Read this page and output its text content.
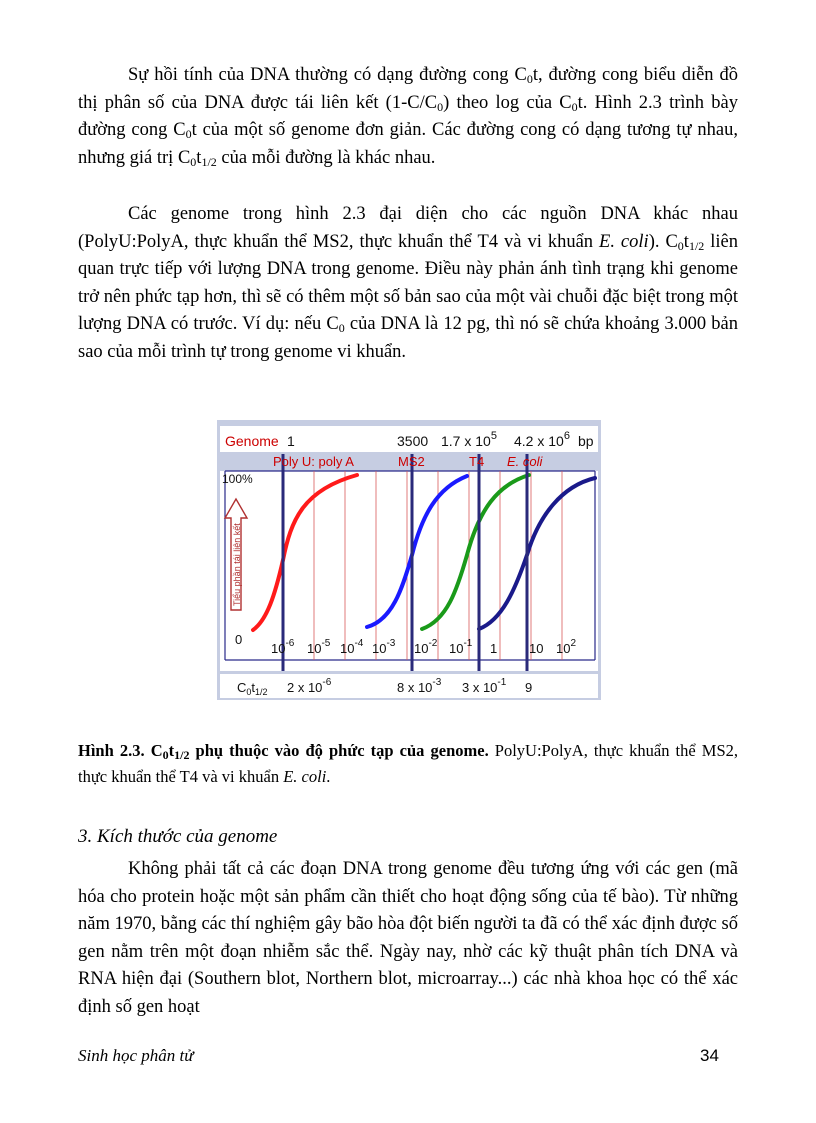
Sự hồi tính của DNA thường có dạng đường cong $C_0t$, đường cong biểu diễn đồ thị phân số của DNA được tái liên kết $(1-C/C_0)$ theo log của $C_0t$. Hình 2.3 trình bày đường cong $C_0t$ của một số genome đơn giản. Các đường cong có dạng tương tự nhau, nhưng giá trị $C_0t_{1/2}$ của mỗi đường là khác nhau.

Các genome trong hình 2.3 đại diện cho các nguồn DNA khác nhau (PolyU:PolyA, thực khuẩn thể MS2, thực khuẩn thể T4 và vi khuẩn E. coli). $C_0t_{1/2}$ liên quan trực tiếp với lượng DNA trong genome. Điều này phản ánh tình trạng khi genome trở nên phức tạp hơn, thì sẽ có thêm một số bản sao của một vài chuỗi đặc biệt trong một lượng DNA có trước. Ví dụ: nếu $C_0$ của DNA là 12 pg, thì nó sẽ chứa khoảng 3.000 bản sao của mỗi trình tự trong genome vi khuẩn.

Genome 1	3500 1.7 x $10^5$ 4.2 x $10^6$ bp
Poly U: poly A	MS2	T4 E. coli
100%
0
Tiểu phần tái liên kết
$10^{-6}$ $10^{-5}$ $10^{-4}$ $10^{-3}$ $10^{-2}$ $10^{-1}$ 1 10 $10^2$
$C_0t_{1/2}$ 2 x $10^{-6}$	8 x $10^{-3}$ 3 x $10^{-1}$ 9

Hình 2.3. $C_0t_{1/2}$ phụ thuộc vào độ phức tạp của genome. PolyU:PolyA, thực khuẩn thể MS2, thực khuẩn thể T4 và vi khuẩn E. coli.

3. Kích thước của genome

Không phải tất cả các đoạn DNA trong genome đều tương ứng với các gen (mã hóa cho protein hoặc một sản phẩm cần thiết cho hoạt động sống của tế bào). Từ những năm 1970, bằng các thí nghiệm gây bão hòa đột biến người ta đã có thể xác định được số gen nằm trên một đoạn nhiễm sắc thể. Ngày nay, nhờ các kỹ thuật phân tích DNA và RNA hiện đại (Southern blot, Northern blot, microarray...) các nhà khoa học có thể xác định số gen hoạt

Sinh học phân tử	34
